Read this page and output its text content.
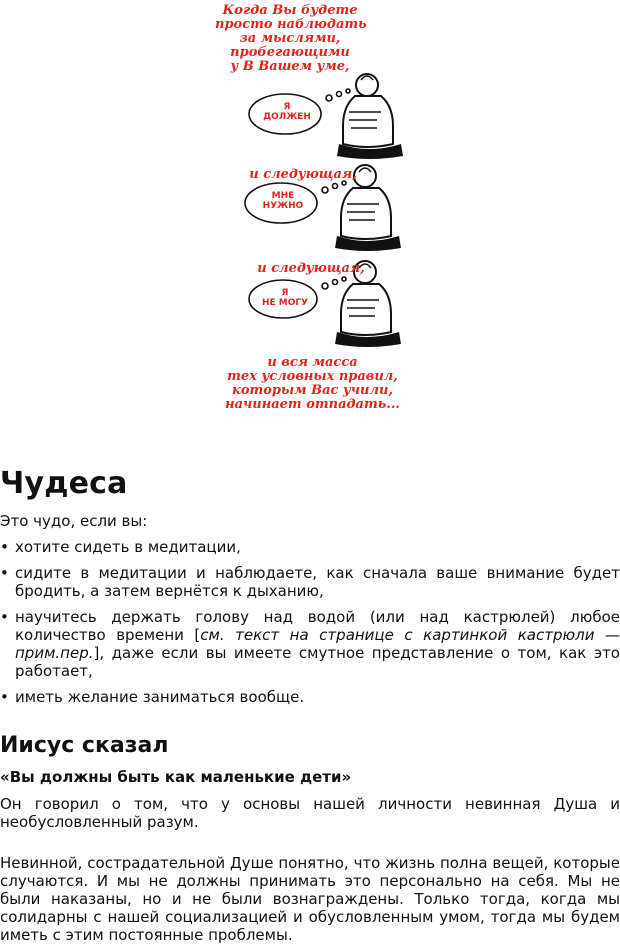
Когда Вы будете
просто наблюдать
за мыслями,
пробегающими
у В Вашем уме,
Я
ДОЛЖЕН
и следующая,
МНЕ
НУЖНО
и следующая,
Я
НЕ МОГУ
и вся масса
тех условных правил,
которым Вас учили,
начинает отпадать...
Чудеса

Это чудо, если вы:

• хотите сидеть в медитации,
• сидите в медитации и наблюдаете, как сначала ваше внимание будет бродить, а затем вернётся к дыханию,
• научитесь держать голову над водой (или над кастрюлей) любое количество времени [см. текст на странице с картинкой кастрюли — прим.пер.], даже если вы имеете смутное представление о том, как это работает,
• иметь желание заниматься вообще.
Иисус сказал

«Вы должны быть как маленькие дети»

Он говорил о том, что у основы нашей личности невинная Душа и необусловленный разум.

Невинной, сострадательной Душе понятно, что жизнь полна вещей, которые случаются. И мы не должны принимать это персонально на себя. Мы не были наказаны, но и не были вознаграждены. Только тогда, когда мы солидарны с нашей социализацией и обусловленным умом, тогда мы будем иметь с этим постоянные проблемы.
